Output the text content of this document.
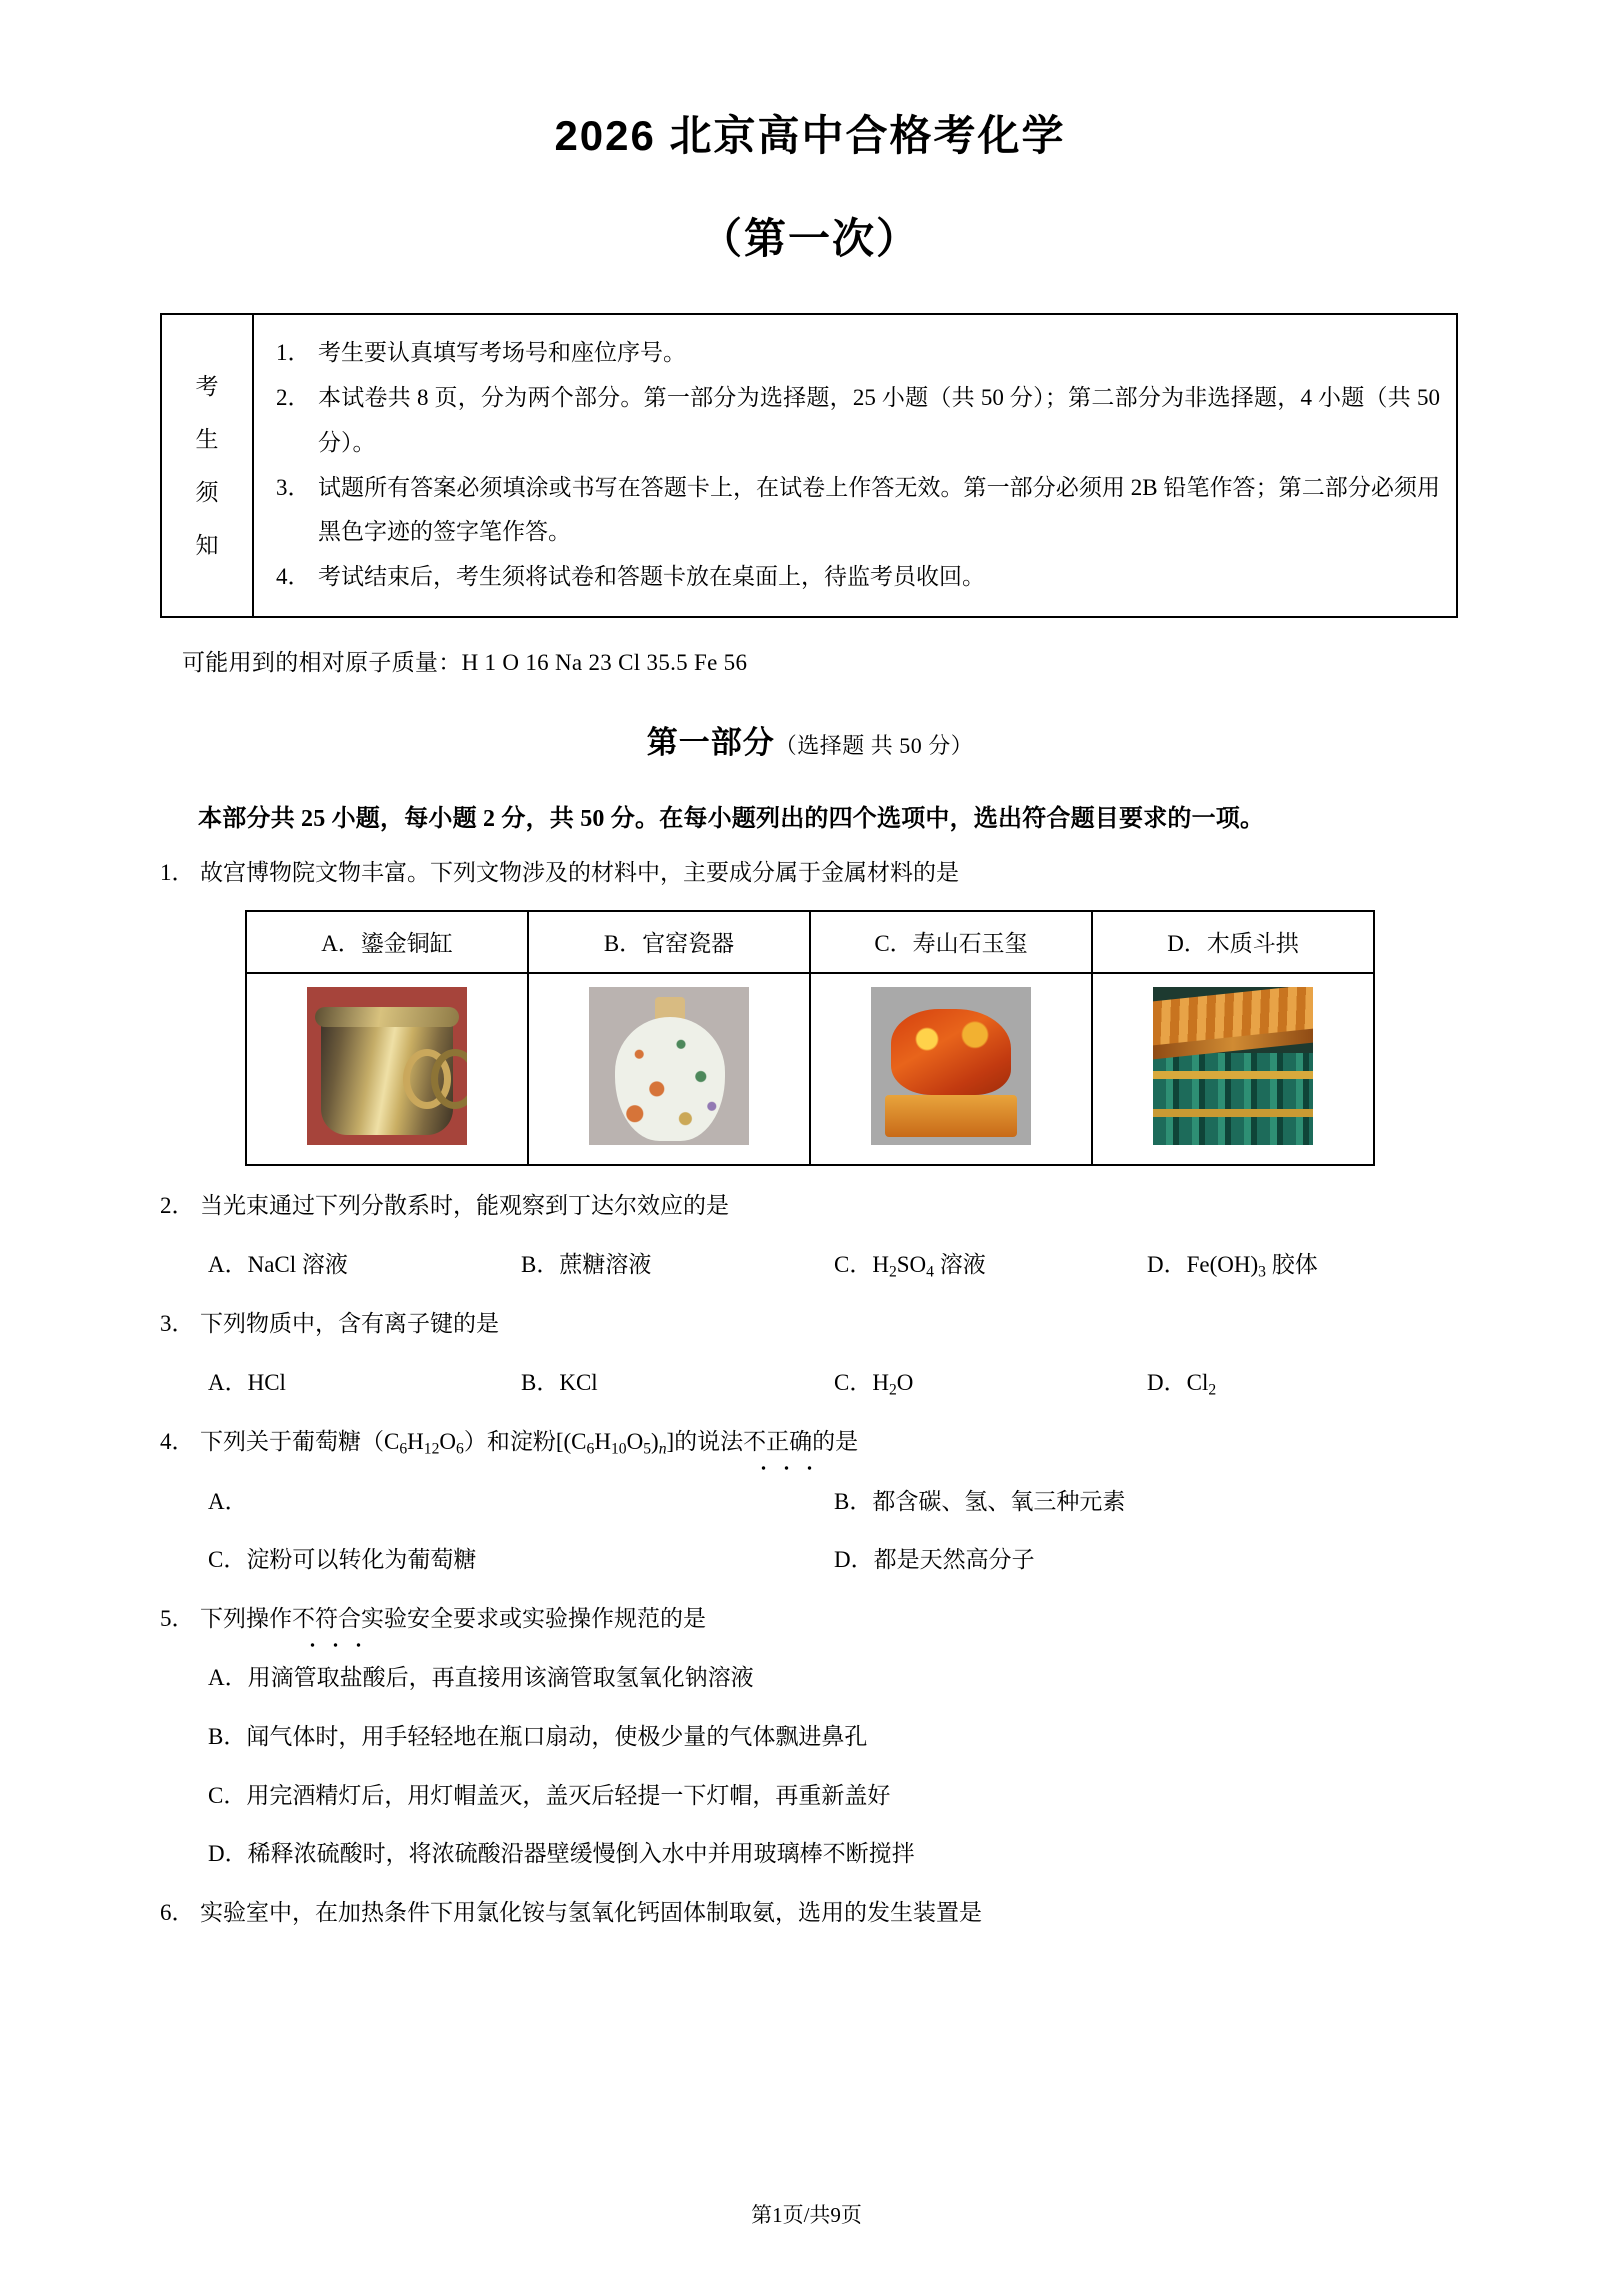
2026 北京高中合格考化学
（第一次）
考
生
须
知
1． 考生要认真填写考场号和座位序号。
2． 本试卷共 8 页，分为两个部分。第一部分为选择题，25 小题（共 50 分）；第二部分为非选择题，4 小题（共 50 分）。
3． 试题所有答案必须填涂或书写在答题卡上，在试卷上作答无效。第一部分必须用 2B 铅笔作答；第二部分必须用黑色字迹的签字笔作答。
4． 考试结束后，考生须将试卷和答题卡放在桌面上，待监考员收回。
可能用到的相对原子质量：H 1 O 16 Na 23 Cl 35.5 Fe 56
第一部分（选择题 共 50 分）
本部分共 25 小题，每小题 2 分，共 50 分。在每小题列出的四个选项中，选出符合题目要求的一项。
1． 故宫博物院文物丰富。下列文物涉及的材料中，主要成分属于金属材料的是
A．鎏金铜缸	B．官窑瓷器	C．寿山石玉玺	D．木质斗拱

2． 当光束通过下列分散系时，能观察到丁达尔效应的是
A．NaCl 溶液	B．蔗糖溶液	C．$H_2SO_4$ 溶液	D．$Fe(OH)_3$ 胶体
3． 下列物质中，含有离子键的是
A．HCl	B．KCl	C．$H_2O$	D．$Cl_2$
4． 下列关于葡萄糖$(C_6H_{12}O_6)$和淀粉$[(C_6H_{10}O_5)_n]$的说法不正确的是
A．	B．都含碳、氢、氧三种元素
C．淀粉可以转化为葡萄糖	D．都是天然高分子
5． 下列操作不符合实验安全要求或实验操作规范的是
A．用滴管取盐酸后，再直接用该滴管取氢氧化钠溶液
B．闻气体时，用手轻轻地在瓶口扇动，使极少量的气体飘进鼻孔
C．用完酒精灯后，用灯帽盖灭，盖灭后轻提一下灯帽，再重新盖好
D．稀释浓硫酸时，将浓硫酸沿器壁缓慢倒入水中并用玻璃棒不断搅拌
6． 实验室中，在加热条件下用氯化铵与氢氧化钙固体制取氨，选用的发生装置是
第1页/共9页
